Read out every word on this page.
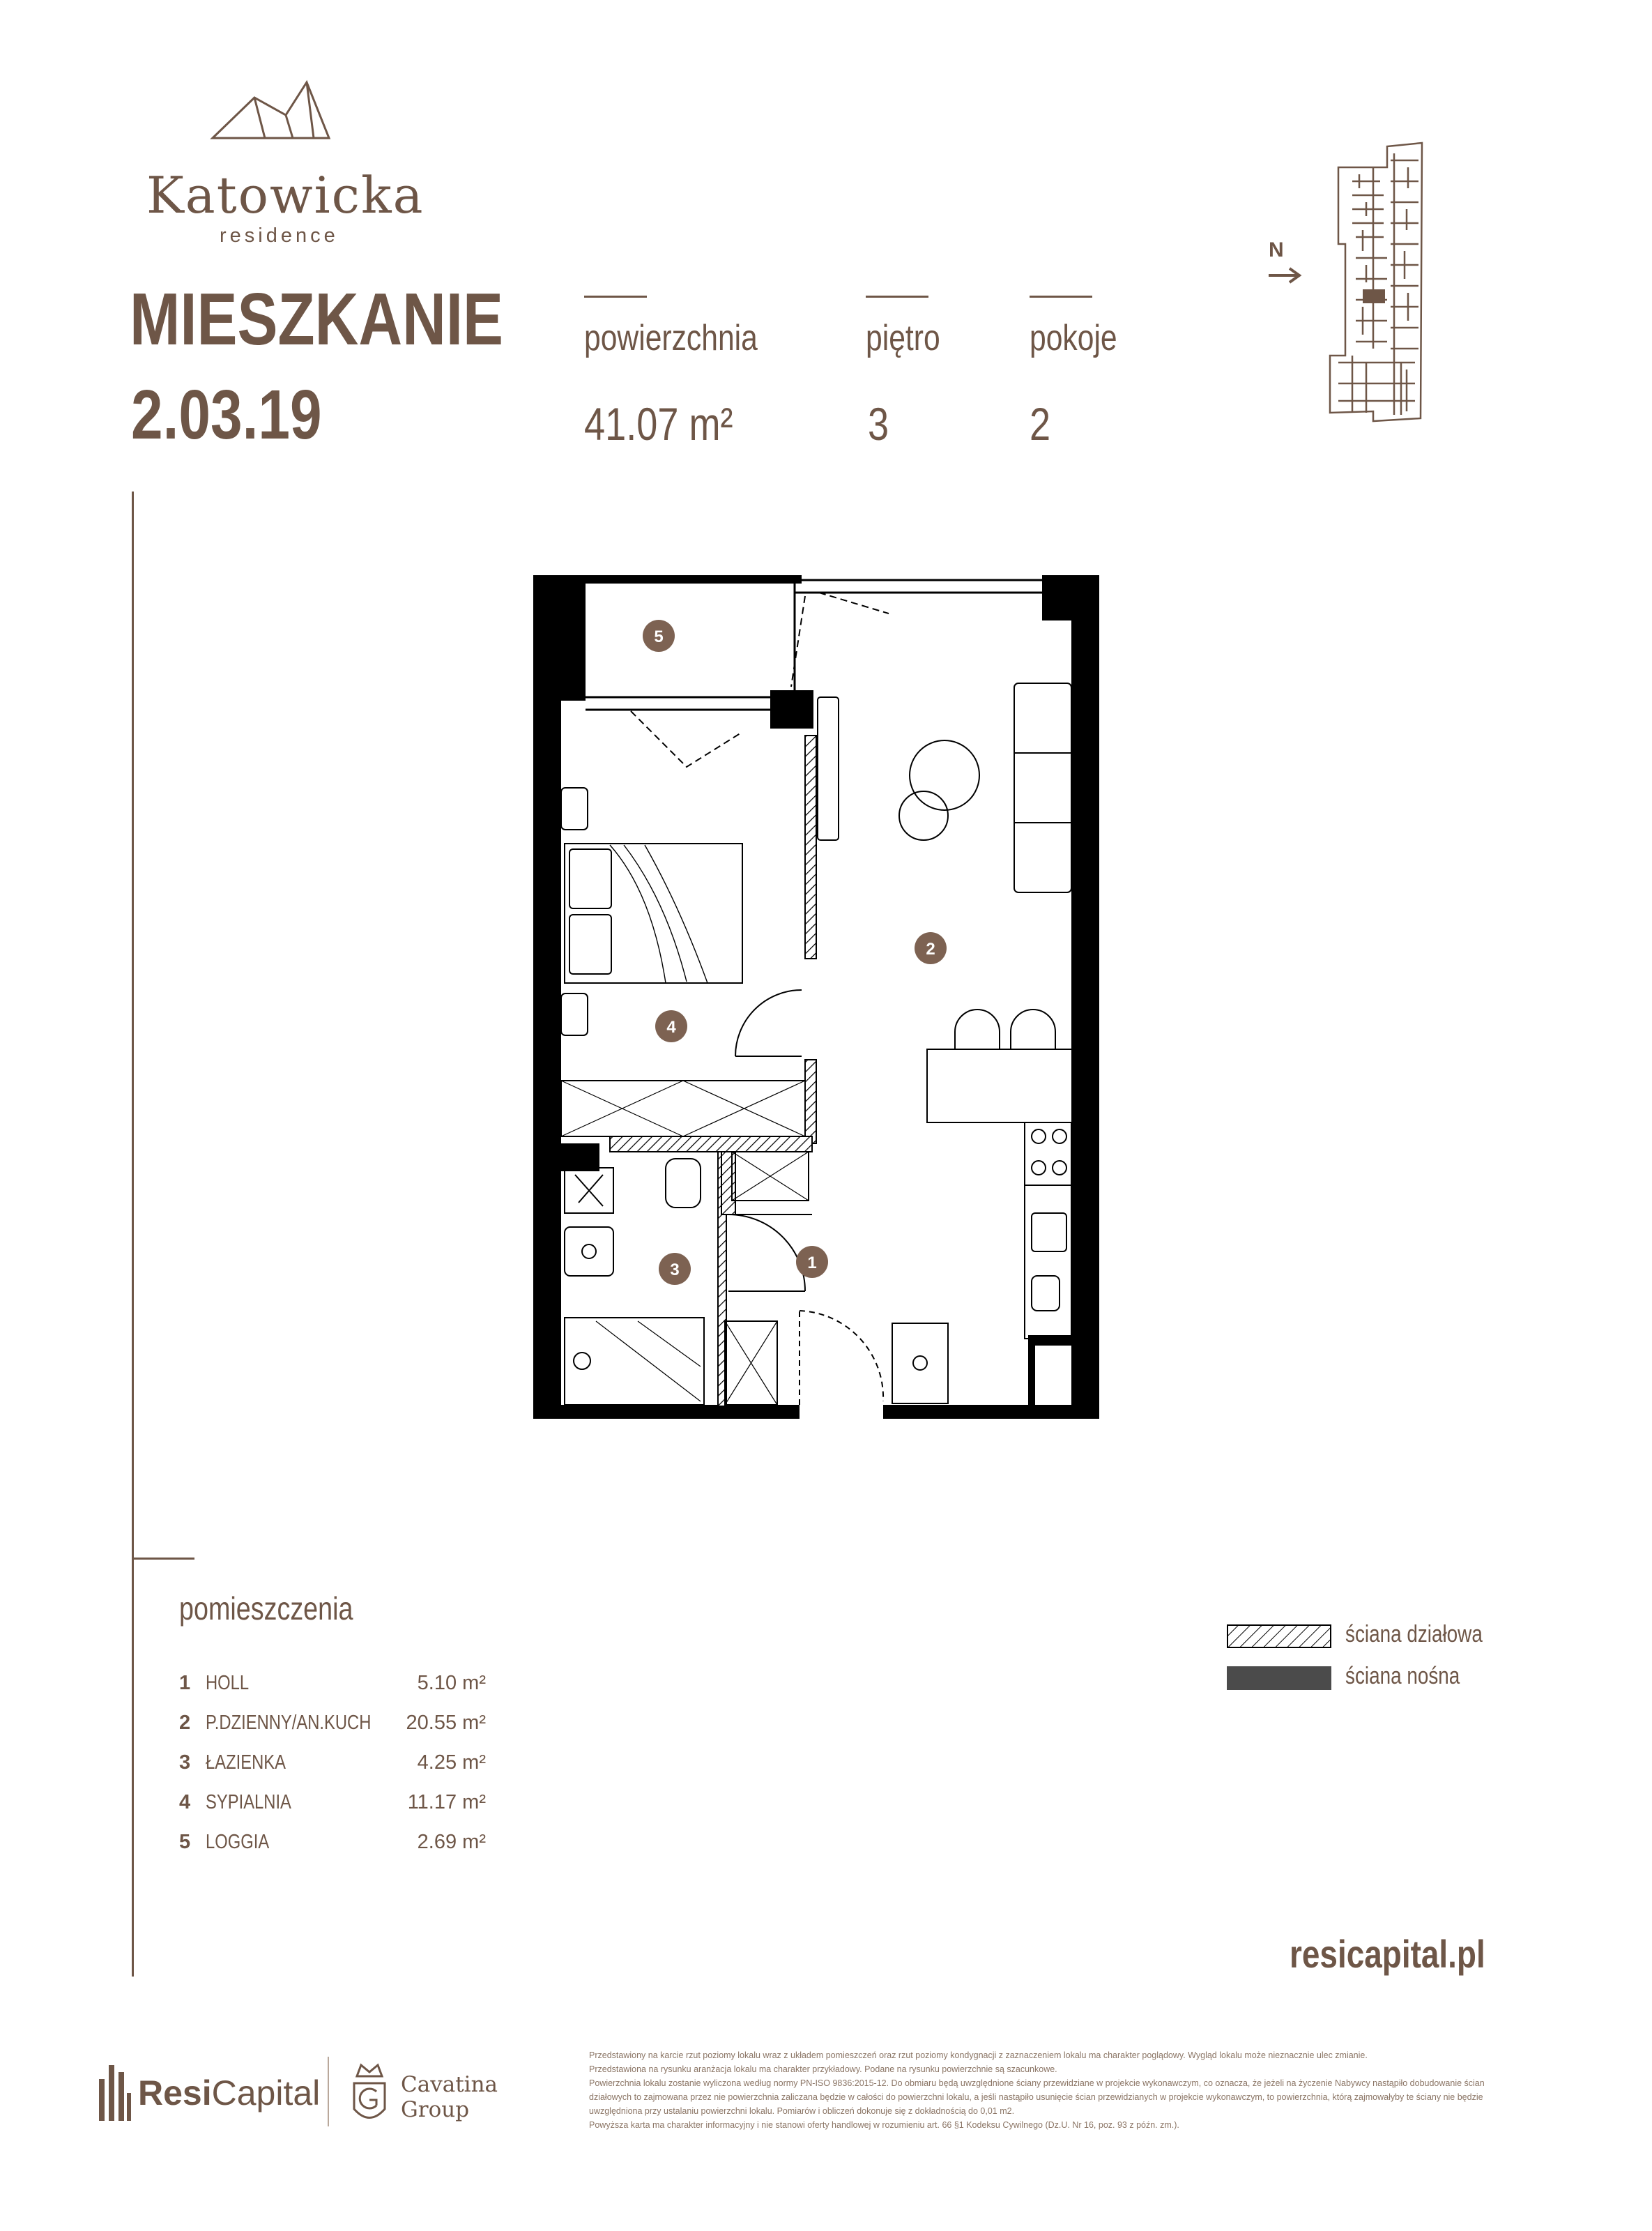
Katowicka
residence
MIESZKANIE
2.03.19
powierzchnia
41.07 m²
piętro
3
pokoje
2
N
1
2
3
4
5
pomieszczenia
1 HOLL	5.10 m²
2 P.DZIENNY/AN.KUCH 20.55 m²
3 ŁAZIENKA	4.25 m²
4 SYPIALNIA	11.17 m²
5 LOGGIA	2.69 m²
ściana działowa
ściana nośna
resicapital.pl
ResiCapital	Cavatina
Group

Przedstawiony na karcie rzut poziomy lokalu wraz z układem pomieszczeń oraz rzut poziomy kondygnacji z zaznaczeniem lokalu ma charakter poglądowy. Wygląd lokalu może nieznacznie ulec zmianie.

Przedstawiona na rysunku aranżacja lokalu ma charakter przykładowy. Podane na rysunku powierzchnie są szacunkowe.

Powierzchnia lokalu zostanie wyliczona według normy PN-ISO 9836:2015-12. Do obmiaru będą uwzględnione ściany przewidziane w projekcie wykonawczym, co oznacza, że jeżeli na życzenie Nabywcy nastąpiło dobudowanie ścian działowych to zajmowana przez nie powierzchnia zaliczana będzie w całości do powierzchni lokalu, a jeśli nastąpiło usunięcie ścian przewidzianych w projekcie wykonawczym, to powierzchnia, którą zajmowałyby te ściany nie będzie uwzględniona przy ustalaniu powierzchni lokalu. Pomiarów i obliczeń dokonuje się z dokładnością do 0,01 m2.

Powyższa karta ma charakter informacyjny i nie stanowi oferty handlowej w rozumieniu art. 66 §1 Kodeksu Cywilnego (Dz.U. Nr 16, poz. 93 z późn. zm.).
